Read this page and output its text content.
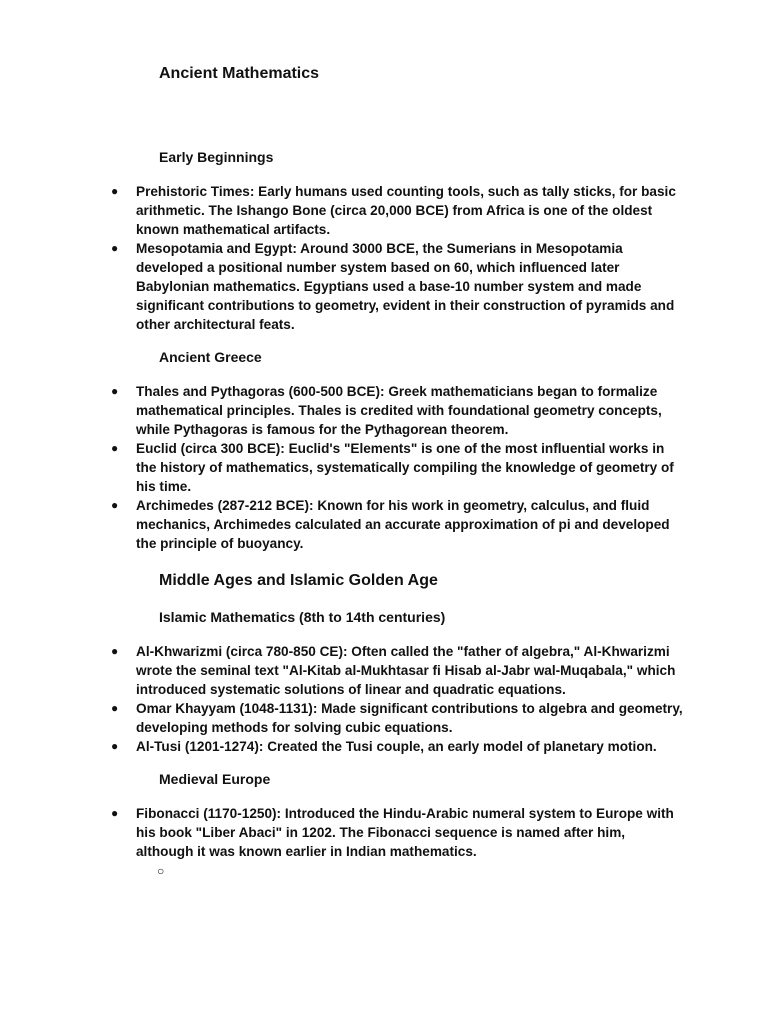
Ancient Mathematics
Early Beginnings
●	Prehistoric Times: Early humans used counting tools, such as tally sticks, for basic arithmetic. The Ishango Bone (circa 20,000 BCE) from Africa is one of the oldest known mathematical artifacts.
●	Mesopotamia and Egypt: Around 3000 BCE, the Sumerians in Mesopotamia developed a positional number system based on 60, which influenced later Babylonian mathematics. Egyptians used a base-10 number system and made significant contributions to geometry, evident in their construction of pyramids and other architectural feats.
Ancient Greece
●	Thales and Pythagoras (600-500 BCE): Greek mathematicians began to formalize mathematical principles. Thales is credited with foundational geometry concepts, while Pythagoras is famous for the Pythagorean theorem.
●	Euclid (circa 300 BCE): Euclid's "Elements" is one of the most influential works in the history of mathematics, systematically compiling the knowledge of geometry of his time.
●	Archimedes (287-212 BCE): Known for his work in geometry, calculus, and fluid mechanics, Archimedes calculated an accurate approximation of pi and developed the principle of buoyancy.
Middle Ages and Islamic Golden Age
Islamic Mathematics (8th to 14th centuries)
●	Al-Khwarizmi (circa 780-850 CE): Often called the "father of algebra," Al-Khwarizmi wrote the seminal text "Al-Kitab al-Mukhtasar fi Hisab al-Jabr wal-Muqabala," which introduced systematic solutions of linear and quadratic equations.
●	Omar Khayyam (1048-1131): Made significant contributions to algebra and geometry, developing methods for solving cubic equations.
●	Al-Tusi (1201-1274): Created the Tusi couple, an early model of planetary motion.
Medieval Europe
●	Fibonacci (1170-1250): Introduced the Hindu-Arabic numeral system to Europe with his book "Liber Abaci" in 1202. The Fibonacci sequence is named after him, although it was known earlier in Indian mathematics.
○
